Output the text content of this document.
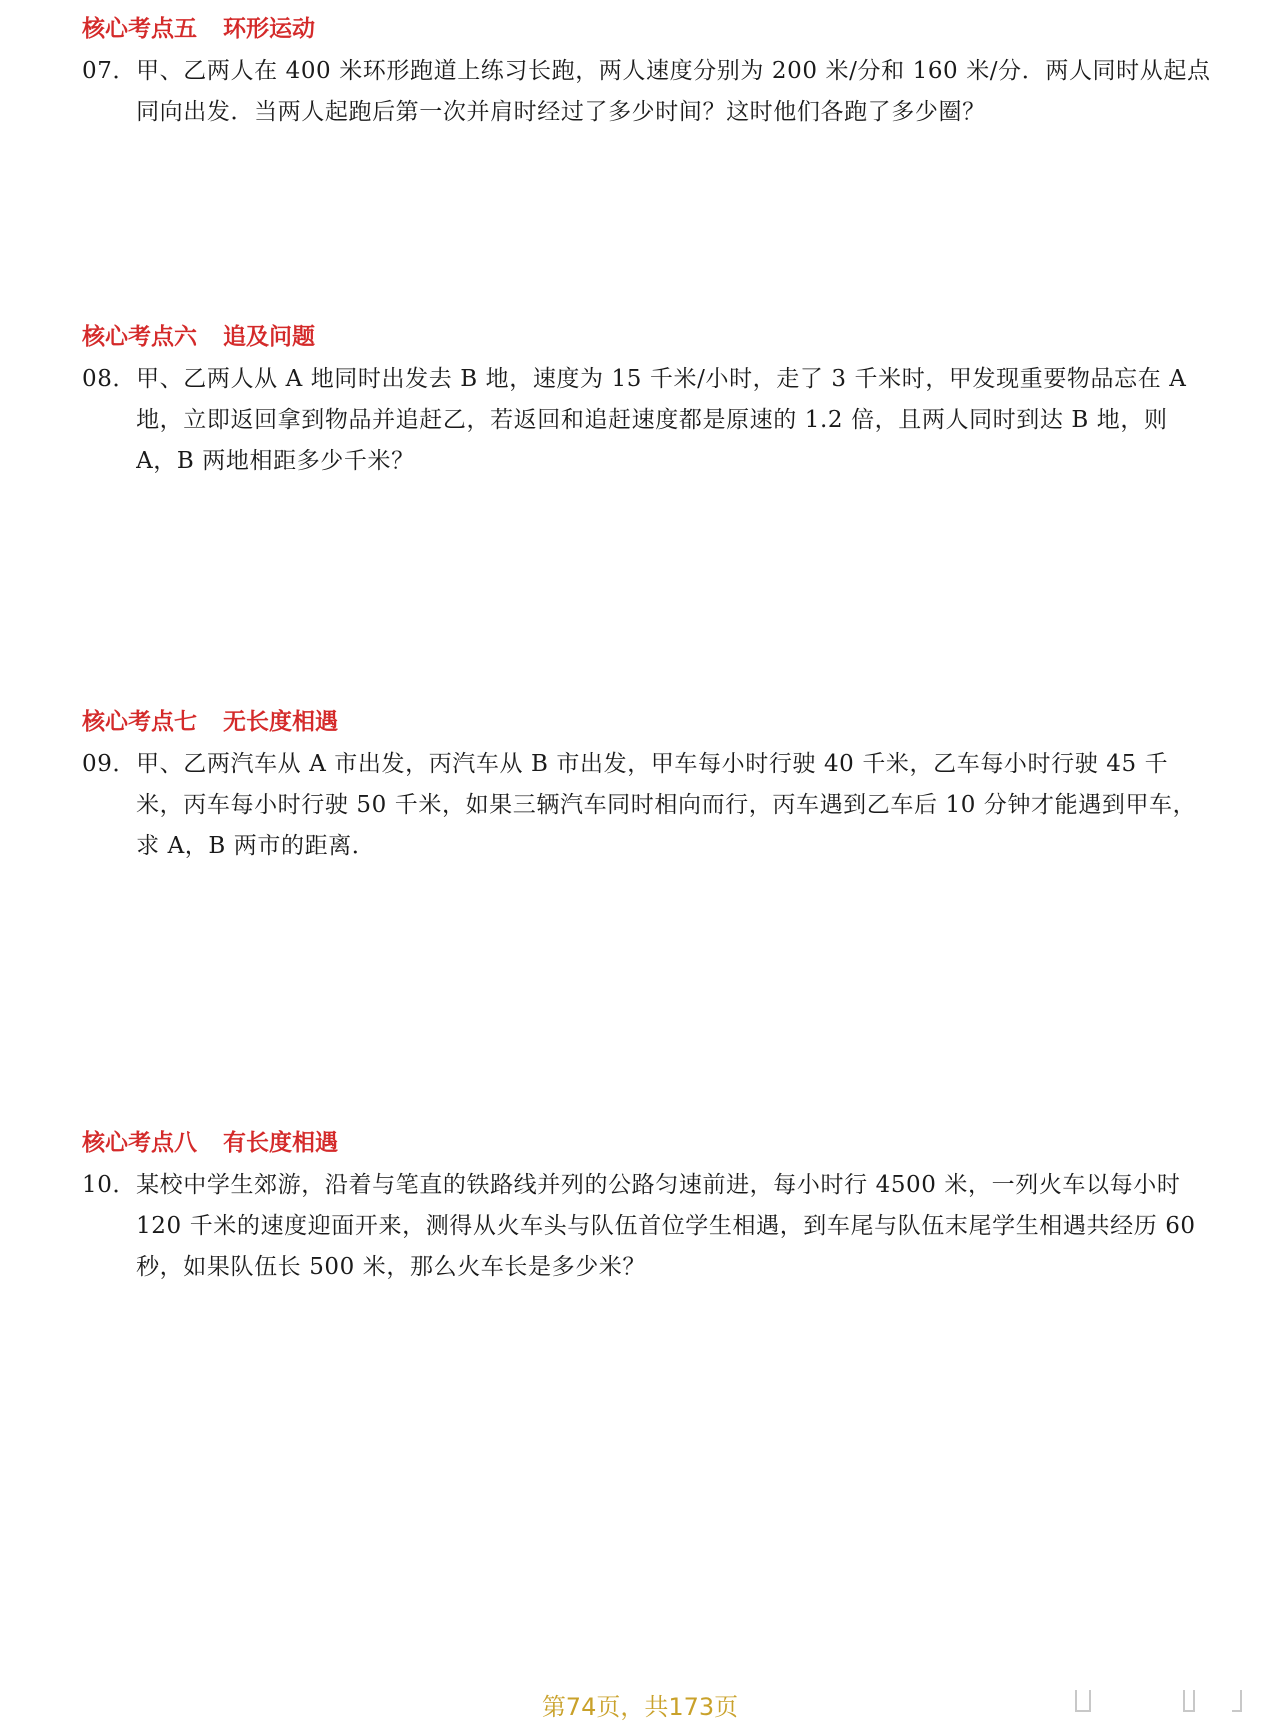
核心考点五 环形运动
07． 甲、乙两人在 400 米环形跑道上练习长跑，两人速度分别为 200 米/分和 160 米/分．两人同时从起点同向出发．当两人起跑后第一次并肩时经过了多少时间？这时他们各跑了多少圈？
核心考点六 追及问题
08． 甲、乙两人从 A 地同时出发去 B 地，速度为 15 千米/小时，走了 3 千米时，甲发现重要物品忘在 A 地，立即返回拿到物品并追赶乙，若返回和追赶速度都是原速的 1.2 倍，且两人同时到达 B 地，则 A，B 两地相距多少千米？
核心考点七 无长度相遇
09． 甲、乙两汽车从 A 市出发，丙汽车从 B 市出发，甲车每小时行驶 40 千米，乙车每小时行驶 45 千米，丙车每小时行驶 50 千米，如果三辆汽车同时相向而行，丙车遇到乙车后 10 分钟才能遇到甲车，求 A，B 两市的距离．
核心考点八 有长度相遇
10． 某校中学生郊游，沿着与笔直的铁路线并列的公路匀速前进，每小时行 4500 米，一列火车以每小时 120 千米的速度迎面开来，测得从火车头与队伍首位学生相遇，到车尾与队伍末尾学生相遇共经历 60 秒，如果队伍长 500 米，那么火车长是多少米？
第74页，共173页
